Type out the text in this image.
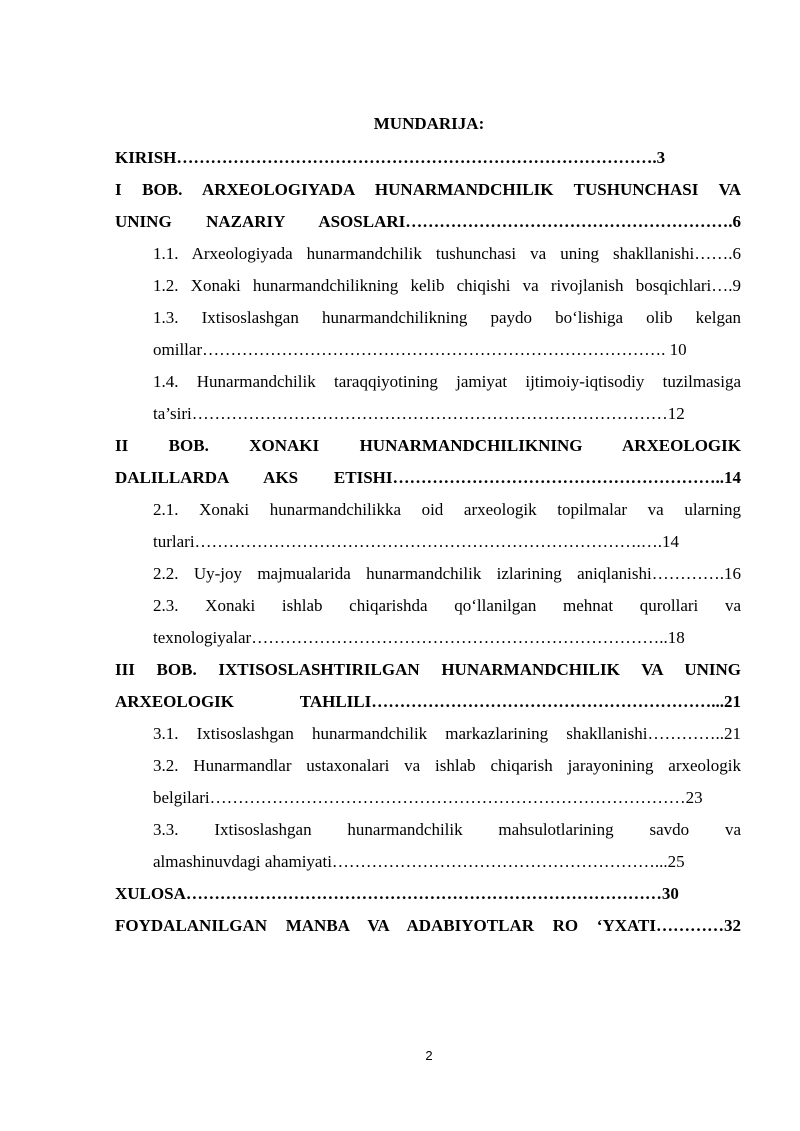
MUNDARIJA:
KIRISH………………………………………………………………………….3
I BOB. ARXEOLOGIYADA HUNARMANDCHILIK TUSHUNCHASI VA
UNING NAZARIY ASOSLARI………………………………………………….6
1.1. Arxeologiyada hunarmandchilik tushunchasi va uning shakllanishi…….6
1.2. Xonaki hunarmandchilikning kelib chiqishi va rivojlanish bosqichlari….9
1.3. Ixtisoslashgan hunarmandchilikning paydo bo‘lishiga olib kelgan
omillar………………………………………………………………………. 10
1.4. Hunarmandchilik taraqqiyotining jamiyat ijtimoiy-iqtisodiy tuzilmasiga
ta’siri…………………………………………………………………………12
II BOB. XONAKI HUNARMANDCHILIKNING ARXEOLOGIK
DALILLARDA AKS ETISHI…………………………………………………..14
2.1. Xonaki hunarmandchilikka oid arxeologik topilmalar va ularning
turlari…………………………………………………………………….….14
2.2. Uy-joy majmualarida hunarmandchilik izlarining aniqlanishi………….16
2.3. Xonaki ishlab chiqarishda qo‘llanilgan mehnat qurollari va
texnologiyalar………………………………………………………………..18
III BOB. IXTISOSLASHTIRILGAN HUNARMANDCHILIK VA UNING
ARXEOLOGIK TAHLILI……………………………………………………...21
3.1. Ixtisoslashgan hunarmandchilik markazlarining shakllanishi…………..21
3.2. Hunarmandlar ustaxonalari va ishlab chiqarish jarayonining arxeologik
belgilari…………………………………………………………………………23
3.3. Ixtisoslashgan hunarmandchilik mahsulotlarining savdo va
almashinuvdagi ahamiyati…………………………………………………...25
XULOSA…………………………………………………………………………30
FOYDALANILGAN MANBA VA ADABIYOTLAR RO ‘YXATI…………32
2
